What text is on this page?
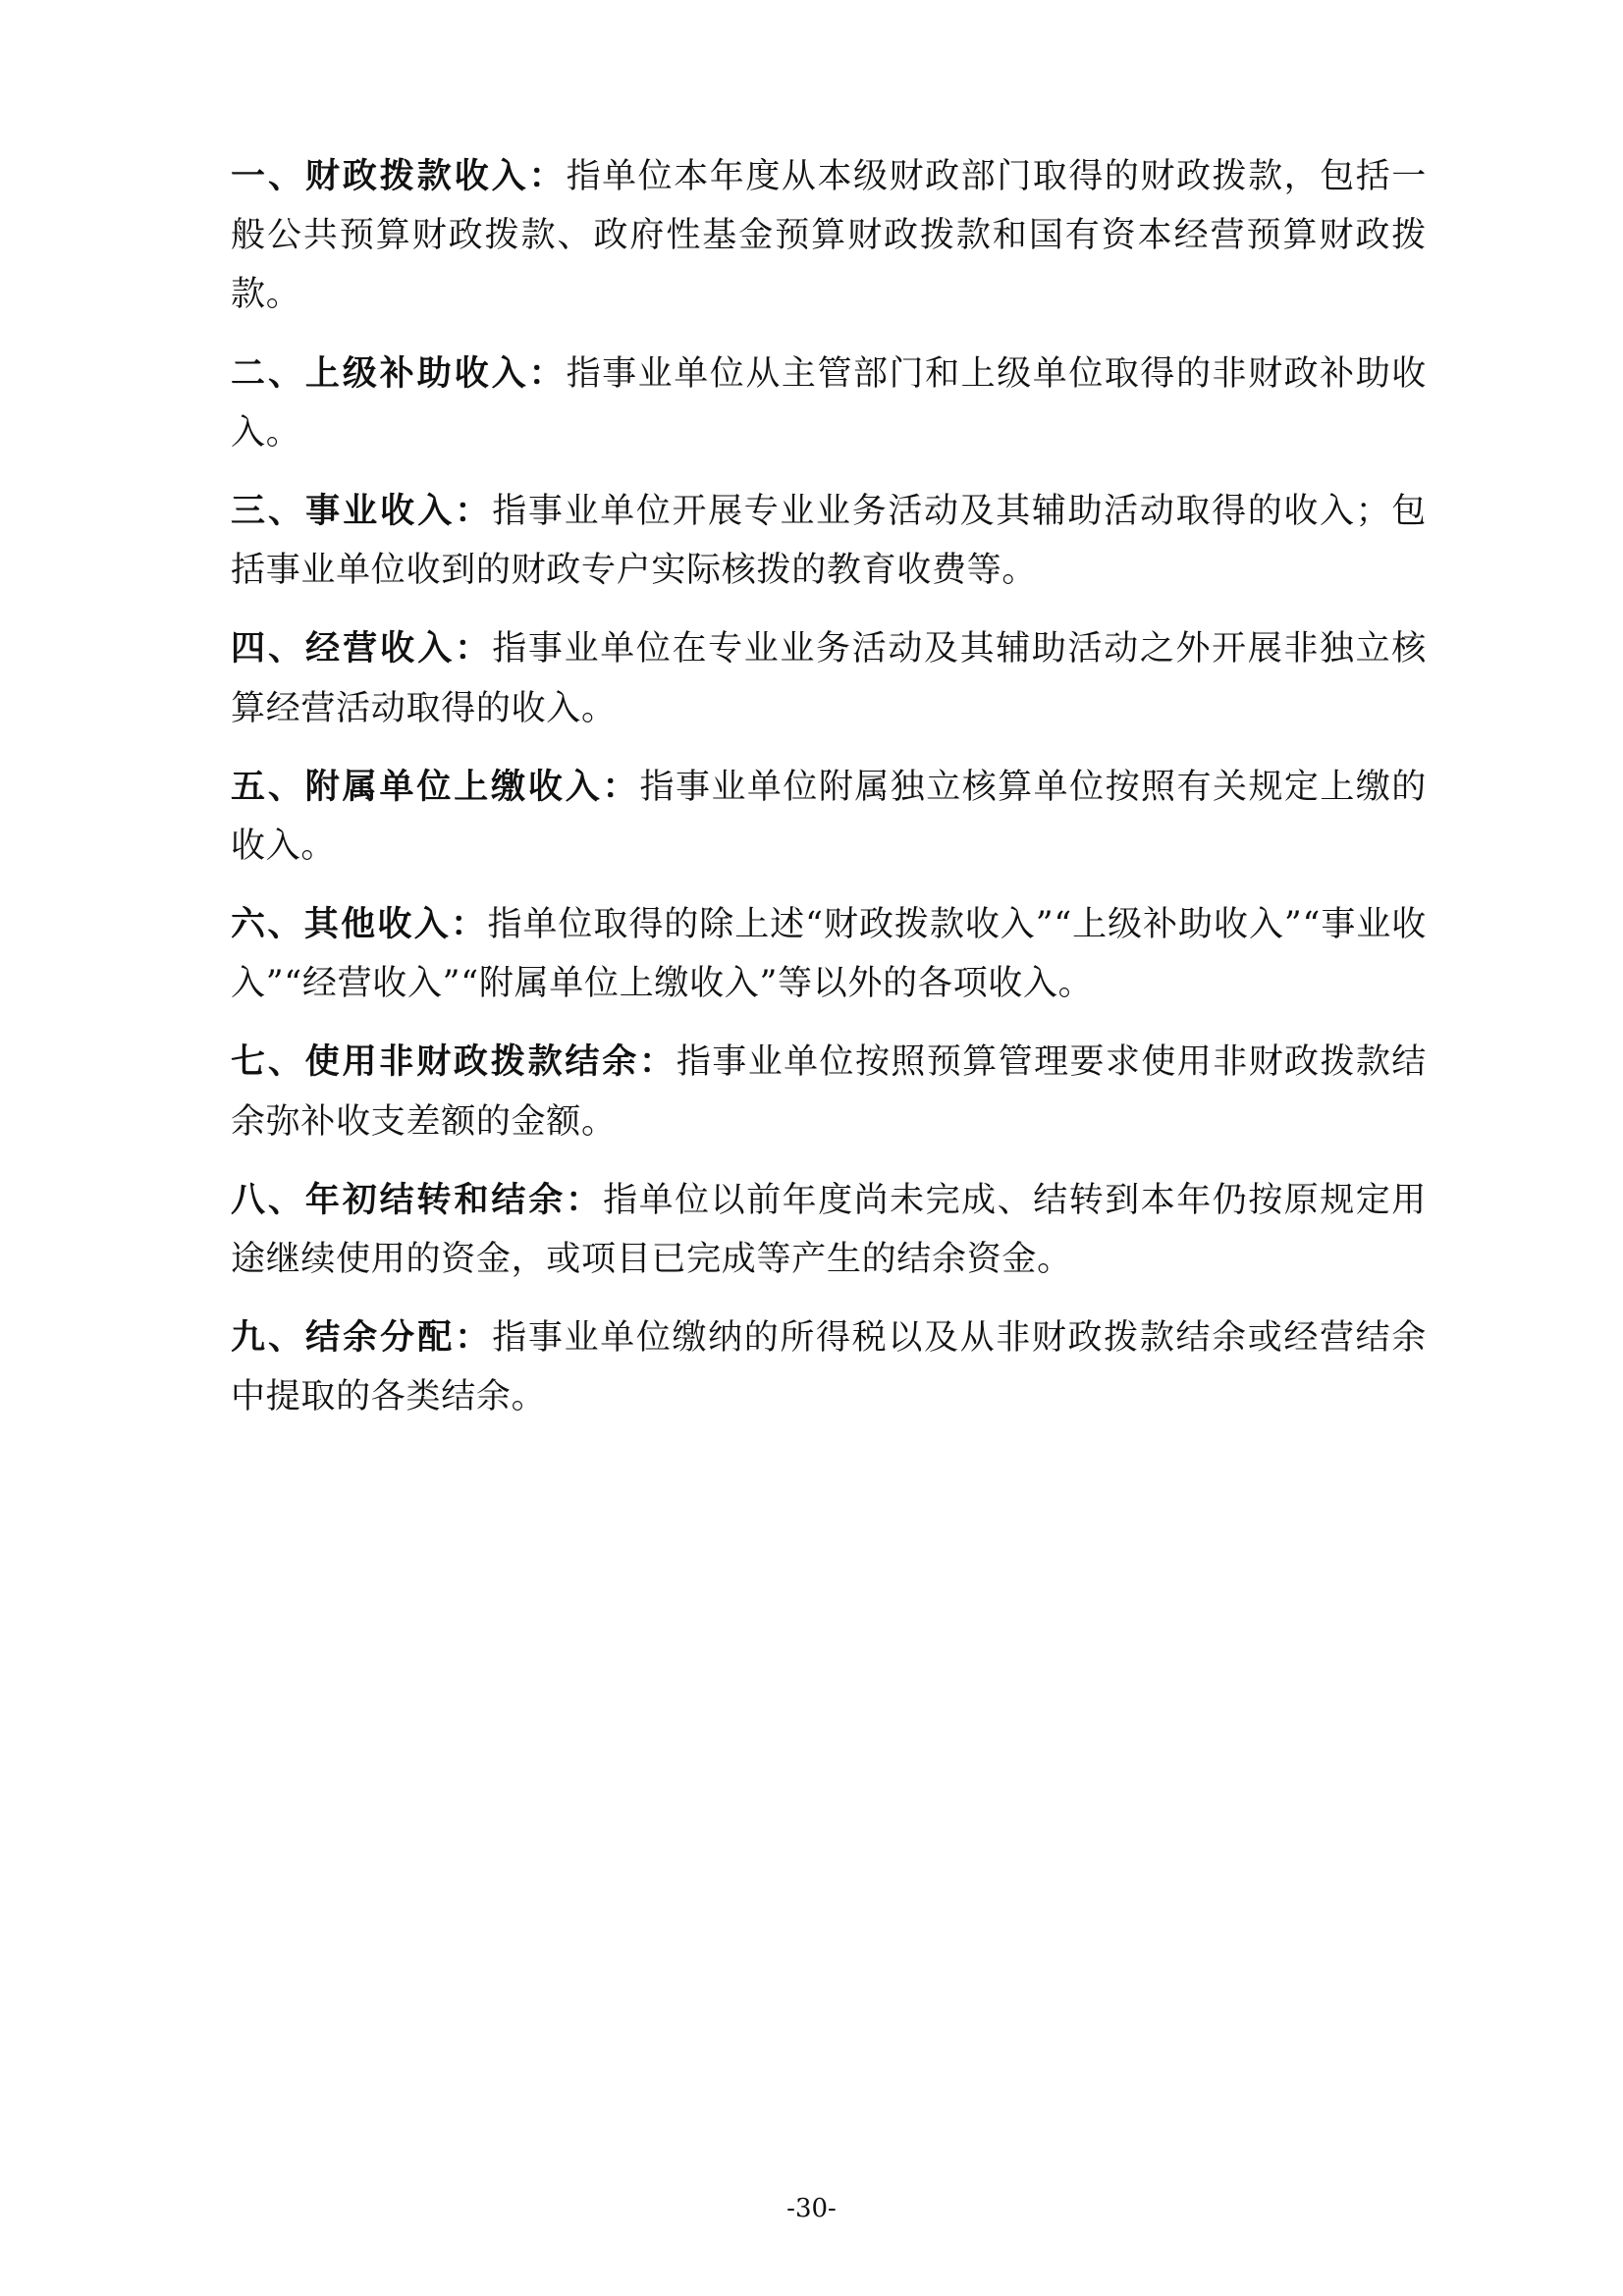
一、财政拨款收入：指单位本年度从本级财政部门取得的财政拨款，包括一般公共预算财政拨款、政府性基金预算财政拨款和国有资本经营预算财政拨款。

二、上级补助收入：指事业单位从主管部门和上级单位取得的非财政补助收入。

三、事业收入：指事业单位开展专业业务活动及其辅助活动取得的收入；包括事业单位收到的财政专户实际核拨的教育收费等。

四、经营收入：指事业单位在专业业务活动及其辅助活动之外开展非独立核算经营活动取得的收入。

五、附属单位上缴收入：指事业单位附属独立核算单位按照有关规定上缴的收入。

六、其他收入：指单位取得的除上述“财政拨款收入”“上级补助收入”“事业收入”“经营收入”“附属单位上缴收入”等以外的各项收入。

七、使用非财政拨款结余：指事业单位按照预算管理要求使用非财政拨款结余弥补收支差额的金额。

八、年初结转和结余：指单位以前年度尚未完成、结转到本年仍按原规定用途继续使用的资金，或项目已完成等产生的结余资金。

九、结余分配：指事业单位缴纳的所得税以及从非财政拨款结余或经营结余中提取的各类结余。

-30-
